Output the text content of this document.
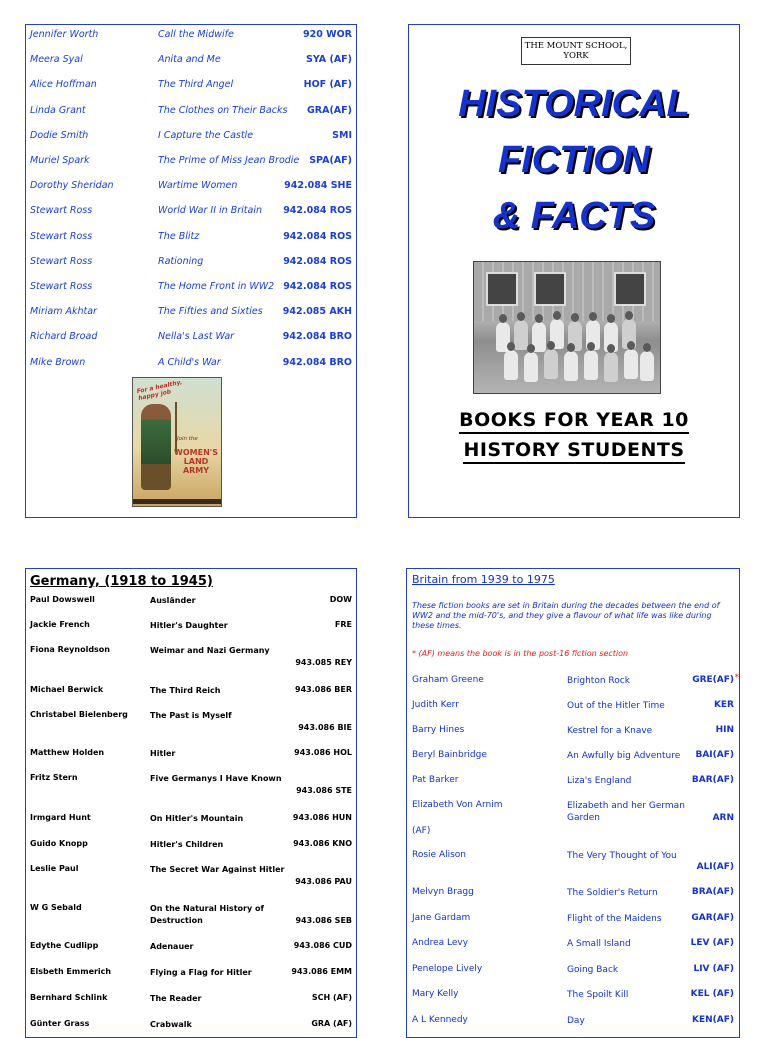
Jennifer Worth	Call the Midwife	920 WOR
Meera Syal	Anita and Me	SYA (AF)
Alice Hoffman	The Third Angel	HOF (AF)
Linda Grant	The Clothes on Their Backs GRA(AF)
Dodie Smith	I Capture the Castle	SMI
Muriel Spark	The Prime of Miss Jean Brodie SPA(AF)
Dorothy Sheridan	Wartime Women	942.084 SHE
Stewart Ross	World War II in Britain 942.084 ROS
Stewart Ross	The Blitz	942.084 ROS
Stewart Ross	Rationing	942.084 ROS
Stewart Ross	The Home Front in WW2 942.084 ROS
Miriam Akhtar	The Fifties and Sixties 942.085 AKH
Richard Broad	Nella's Last War	942.084 BRO
Mike Brown	A Child's War	942.084 BRO
For a healthy, happy job
Join the
WOMEN'S LAND ARMY
THE MOUNT SCHOOL,
YORK
HISTORICAL
FICTION
& FACTS
BOOKS FOR YEAR 10
HISTORY STUDENTS
Germany, (1918 to 1945)
Paul Dowswell	Ausländer	DOW
Jackie French	Hitler's Daughter	FRE
Fiona Reynoldson	Weimar and Nazi Germany
943.085 REY
Michael Berwick	The Third Reich	943.086 BER
Christabel Bielenberg	The Past is Myself
943.086 BIE
Matthew Holden	Hitler	943.086 HOL
Fritz Stern	Five Germanys I Have Known
943.086 STE
Irmgard Hunt	On Hitler's Mountain	943.086 HUN
Guido Knopp	Hitler's Children	943.086 KNO
Leslie Paul	The Secret War Against Hitler
943.086 PAU
W G Sebald	On the Natural History of Destruction	943.086 SEB
Edythe Cudlipp	Adenauer	943.086 CUD
Elsbeth Emmerich	Flying a Flag for Hitler	943.086 EMM
Bernhard Schlink	The Reader	SCH (AF)
Günter Grass	Crabwalk	GRA (AF)
Britain from 1939 to 1975
These fiction books are set in Britain during the decades between the end of WW2 and the mid-70's, and they give a flavour of what life was like during these times.
* (AF) means the book is in the post-16 fiction section
Graham Greene	Brighton Rock	GRE(AF) *
Judith Kerr	Out of the Hitler Time	KER
Barry Hines	Kestrel for a Knave	HIN
Beryl Bainbridge	An Awfully big Adventure	BAI(AF)
Pat Barker	Liza's England	BAR(AF)
Elizabeth Von Arnim	Elizabeth and her German Garden	ARN
(AF)
Rosie Alison	The Very Thought of You
ALI(AF)
Melvyn Bragg	The Soldier's Return	BRA(AF)
Jane Gardam	Flight of the Maidens	GAR(AF)
Andrea Levy	A Small Island	LEV (AF)
Penelope Lively	Going Back	LIV (AF)
Mary Kelly	The Spoilt Kill	KEL (AF)
A L Kennedy	Day	KEN(AF)
